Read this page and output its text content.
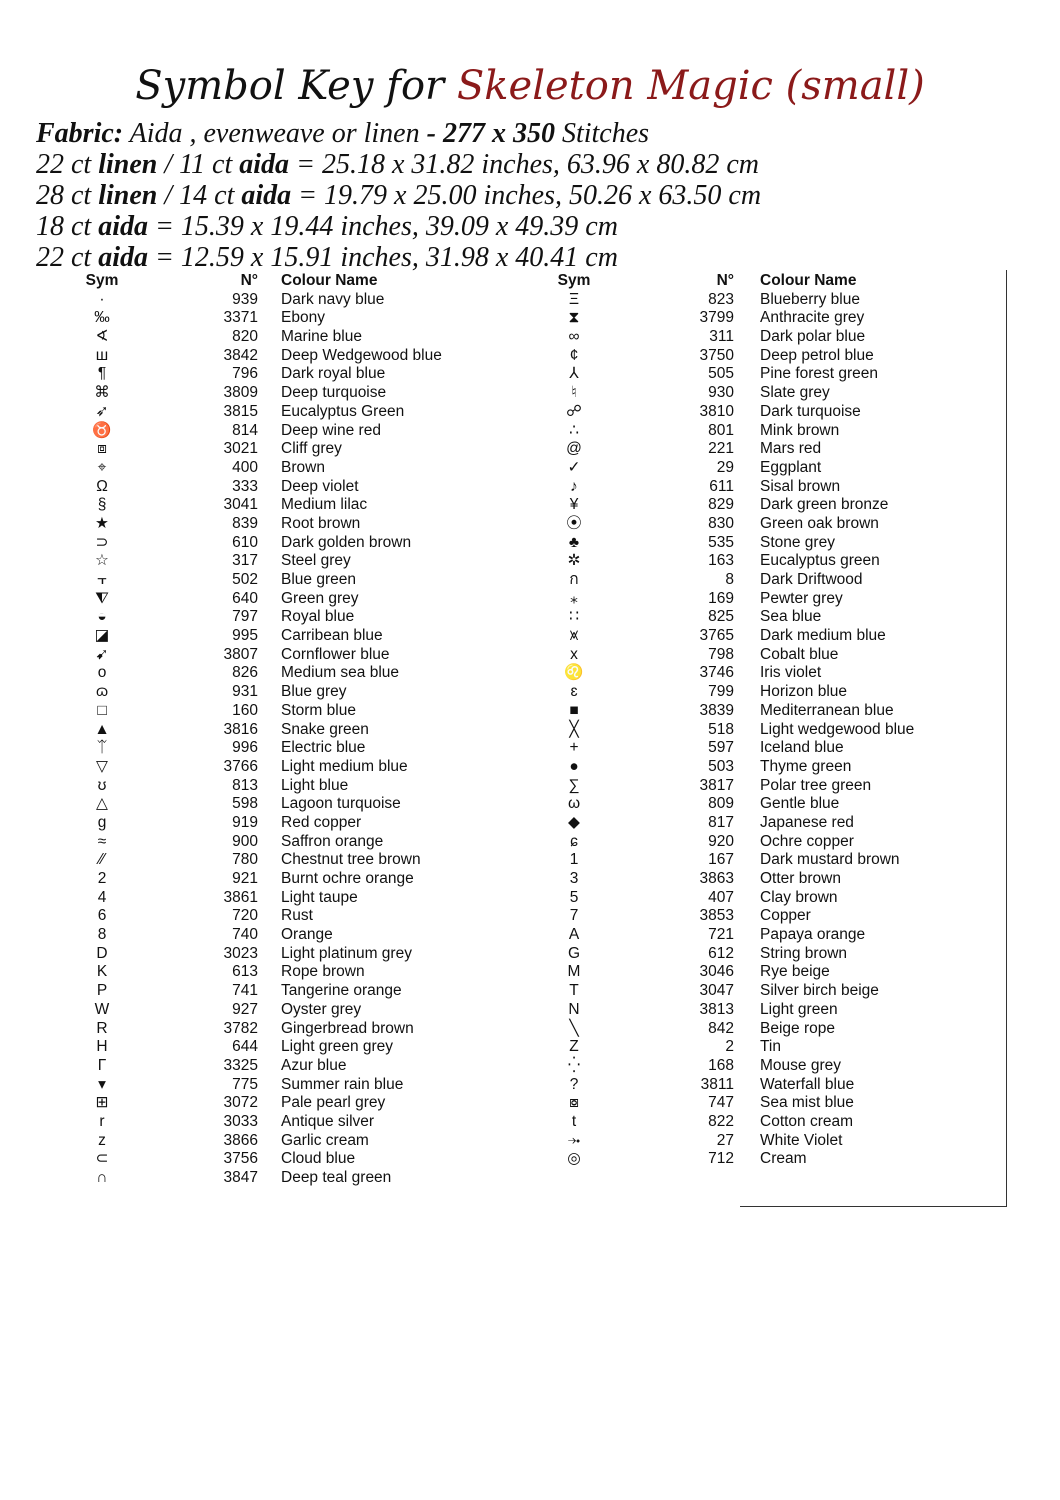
Symbol Key for Skeleton Magic (small)
Fabric: Aida , evenweave or linen - 277 x 350 Stitches
22 ct linen / 11 ct aida = 25.18 x 31.82 inches, 63.96 x 80.82 cm
28 ct linen / 14 ct aida = 19.79 x 25.00 inches, 50.26 x 63.50 cm
18 ct aida = 15.39 x 19.44 inches, 39.09 x 49.39 cm
22 ct aida = 12.59 x 15.91 inches, 31.98 x 40.41 cm
Sym	N° Colour Name
·	939 Dark navy blue
‰	3371 Ebony
∢	820 Marine blue
ш	3842 Deep Wedgewood blue
¶	796 Dark royal blue
⌘	3809 Deep turquoise
➶	3815 Eucalyptus Green
♉	814 Deep wine red
⧈	3021 Cliff grey
⌖	400 Brown
Ω	333 Deep violet
§	3041 Medium lilac
★	839 Root brown
⊃	610 Dark golden brown
☆	317 Steel grey
⫟	502 Blue green
⧨	640 Green grey
◒	797 Royal blue
◪	995 Carribean blue
➹	3807 Cornflower blue
o	826 Medium sea blue
ɷ	931 Blue grey
□	160 Storm blue
▲	3816 Snake green
ᛠ	996 Electric blue
▽	3766 Light medium blue
ʊ	813 Light blue
△	598 Lagoon turquoise
g	919 Red copper
≈	900 Saffron orange
⁄⁄	780 Chestnut tree brown
2	921 Burnt ochre orange
4	3861 Light taupe
6	720 Rust
8	740 Orange
D	3023 Light platinum grey
K	613 Rope brown
P	741 Tangerine orange
W	927 Oyster grey
R	3782 Gingerbread brown
H	644 Light green grey
Γ	3325 Azur blue
▾	775 Summer rain blue
⊞	3072 Pale pearl grey
r	3033 Antique silver
z	3866 Garlic cream
⊂	3756 Cloud blue
∩	3847 Deep teal green
Sym	N° Colour Name
Ξ	823 Blueberry blue
⧗	3799 Anthracite grey
∞	311 Dark polar blue
¢	3750 Deep petrol blue
⅄	505 Pine forest green
♮	930 Slate grey
☍	3810 Dark turquoise
∴	801 Mink brown
@	221 Mars red
✓	29 Eggplant
♪	611 Sisal brown
¥	829 Dark green bronze
⦿	830 Green oak brown
♣	535 Stone grey
✲	163 Eucalyptus green
ก	8 Dark Driftwood
⁎	169 Pewter grey
∷	825 Sea blue
⩙	3765 Dark medium blue
x	798 Cobalt blue
♌	3746 Iris violet
ɛ	799 Horizon blue
■	3839 Mediterranean blue
╳	518 Light wedgewood blue
+	597 Iceland blue
●	503 Thyme green
∑	3817 Polar tree green
ω	809 Gentle blue
◆	817 Japanese red
ɕ	920 Ochre copper
1	167 Dark mustard brown
3	3863 Otter brown
5	407 Clay brown
7	3853 Copper
A	721 Papaya orange
G	612 String brown
M	3046 Rye beige
T	3047 Silver birch beige
N	3813 Light green
╲	842 Beige rope
Z	2 Tin
⁛	168 Mouse grey
?	3811 Waterfall blue
⧇	747 Sea mist blue
t	822 Cotton cream
⤞	27 White Violet
◎	712 Cream
